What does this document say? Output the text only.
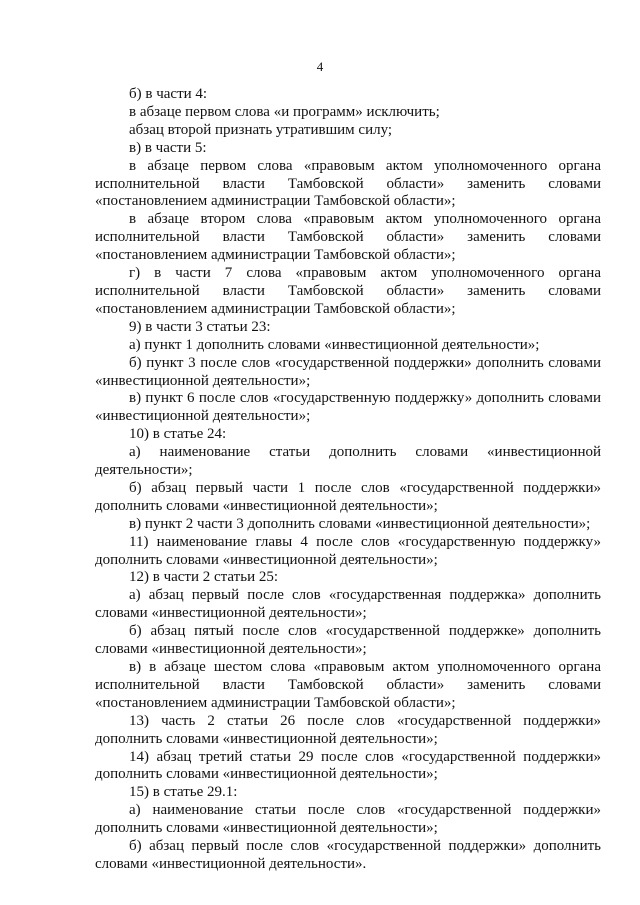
4

б) в части 4:

в абзаце первом слова «и программ» исключить;

абзац второй признать утратившим силу;

в) в части 5:

в абзаце первом слова «правовым актом уполномоченного органа исполнительной власти Тамбовской области» заменить словами «постановлением администрации Тамбовской области»;

в абзаце втором слова «правовым актом уполномоченного органа исполнительной власти Тамбовской области» заменить словами «постановлением администрации Тамбовской области»;

г) в части 7 слова «правовым актом уполномоченного органа исполнительной власти Тамбовской области» заменить словами «постановлением администрации Тамбовской области»;

9) в части 3 статьи 23:

а) пункт 1 дополнить словами «инвестиционной деятельности»;

б) пункт 3 после слов «государственной поддержки» дополнить словами «инвестиционной деятельности»;

в) пункт 6 после слов «государственную поддержку» дополнить словами «инвестиционной деятельности»;

10) в статье 24:

а) наименование статьи дополнить словами «инвестиционной деятельности»;

б) абзац первый части 1 после слов «государственной поддержки» дополнить словами «инвестиционной деятельности»;

в) пункт 2 части 3 дополнить словами «инвестиционной деятельности»;

11) наименование главы 4 после слов «государственную поддержку» дополнить словами «инвестиционной деятельности»;

12) в части 2 статьи 25:

а) абзац первый после слов «государственная поддержка» дополнить словами «инвестиционной деятельности»;

б) абзац пятый после слов «государственной поддержке» дополнить словами «инвестиционной деятельности»;

в) в абзаце шестом слова «правовым актом уполномоченного органа исполнительной власти Тамбовской области» заменить словами «постановлением администрации Тамбовской области»;

13) часть 2 статьи 26 после слов «государственной поддержки» дополнить словами «инвестиционной деятельности»;

14) абзац третий статьи 29 после слов «государственной поддержки» дополнить словами «инвестиционной деятельности»;

15) в статье 29.1:

а) наименование статьи после слов «государственной поддержки» дополнить словами «инвестиционной деятельности»;

б) абзац первый после слов «государственной поддержки» дополнить словами «инвестиционной деятельности».
